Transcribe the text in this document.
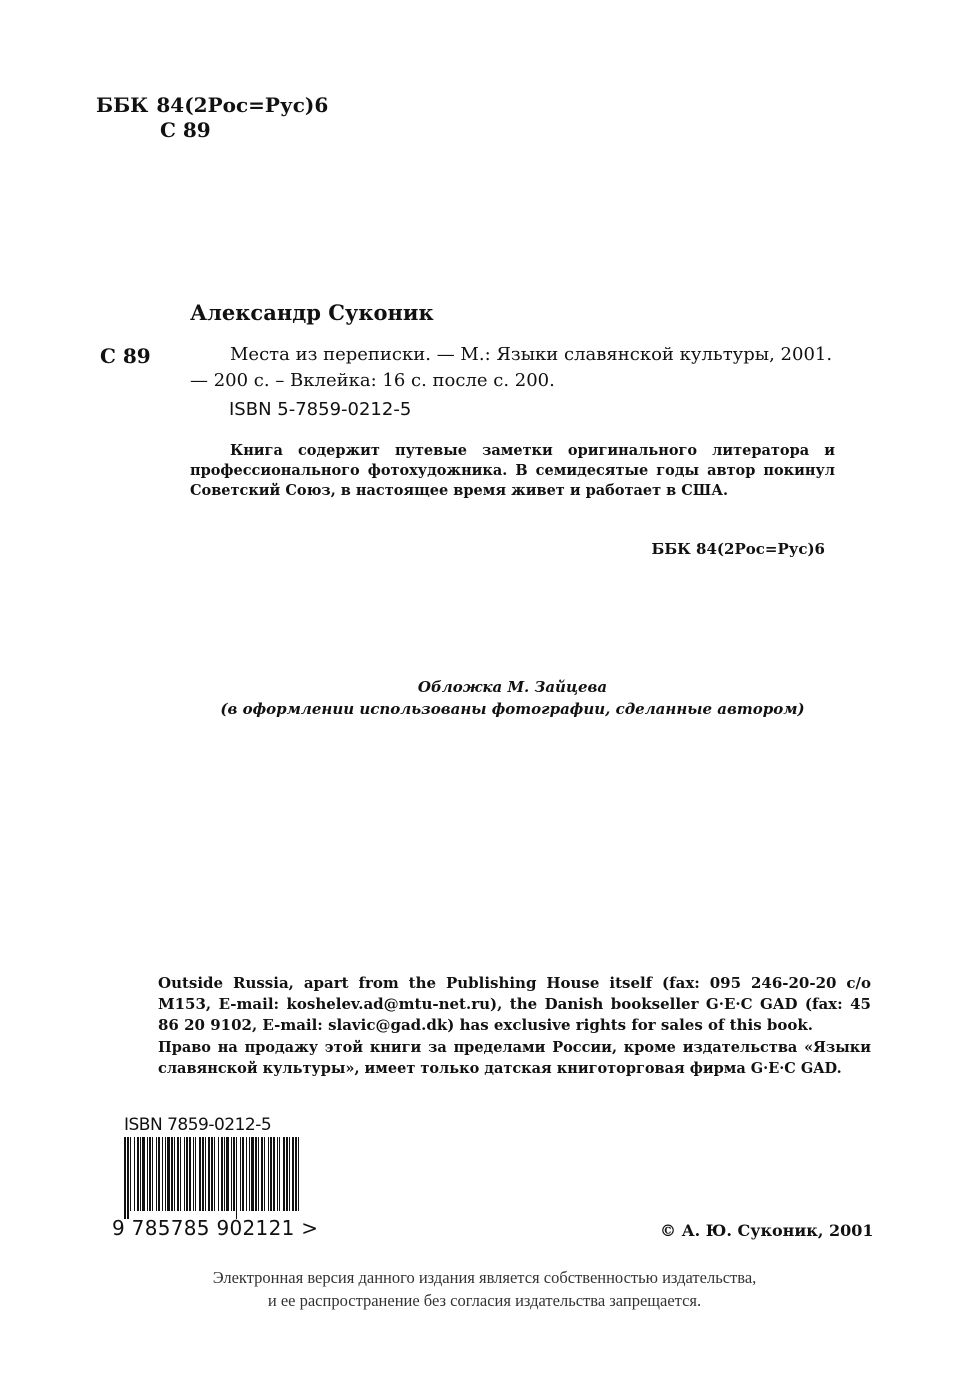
ББК 84(2Рос=Рус)6
С 89
Александр Суконик
С 89	Места из переписки. — М.: Языки славянской культуры, 2001. — 200 с. – Вклейка: 16 с. после с. 200.
ISBN 5-7859-0212-5
Книга содержит путевые заметки оригинального литератора и профессионального фотохудожника. В семидесятые годы автор покинул Советский Союз, в настоящее время живет и работает в США.
ББК 84(2Рос=Рус)6
Обложка М. Зайцева
(в оформлении использованы фотографии, сделанные автором)
Outside Russia, apart from the Publishing House itself (fax: 095 246-20-20 c/o M153, E-mail: koshelev.ad@mtu-net.ru), the Danish bookseller G·E·C GAD (fax: 45 86 20 9102, E-mail: slavic@gad.dk) has exclusive rights for sales of this book.
Право на продажу этой книги за пределами России, кроме издательства «Языки славянской культуры», имеет только датская книготорговая фирма G·E·C GAD.
ISBN 7859-0212-5
9 785785 902121 >	© А. Ю. Суконик, 2001
Электронная версия данного издания является собственностью издательства,
и ее распространение без согласия издательства запрещается.
